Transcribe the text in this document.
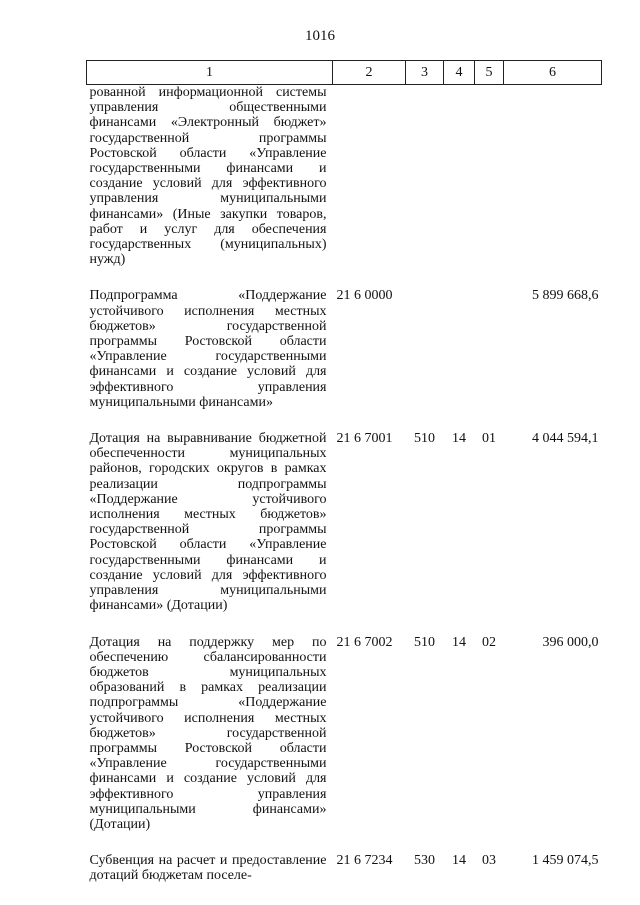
1016
1	2	3	4	5	6
рованной информационной системы управления общественными финансами «Электронный бюджет» государственной программы Ростовской области «Управление государственными финансами и создание условий для эффективного управления муниципальными финансами» (Иные закупки товаров, работ и услуг для обеспечения государственных (муниципальных) нужд)					

Подпрограмма «Поддержание устойчивого исполнения местных бюджетов» государственной программы Ростовской области «Управление государственными финансами и создание условий для эффективного управления муниципальными финансами»	21 6 0000				5 899 668,6

Дотация на выравнивание бюджетной обеспеченности муниципальных районов, городских округов в рамках реализации подпрограммы «Поддержание устойчивого исполнения местных бюджетов» государственной программы Ростовской области «Управление государственными финансами и создание условий для эффективного управления муниципальными финансами» (Дотации)	21 6 7001	510	14	01	4 044 594,1

Дотация на поддержку мер по обеспечению сбалансированности бюджетов муниципальных образований в рамках реализации подпрограммы «Поддержание устойчивого исполнения местных бюджетов» государственной программы Ростовской области «Управление государственными финансами и создание условий для эффективного управления муниципальными финансами» (Дотации)	21 6 7002	510	14	02	396 000,0

Субвенция на расчет и предоставление дотаций бюджетам поселе-	21 6 7234	530	14	03	1 459 074,5
